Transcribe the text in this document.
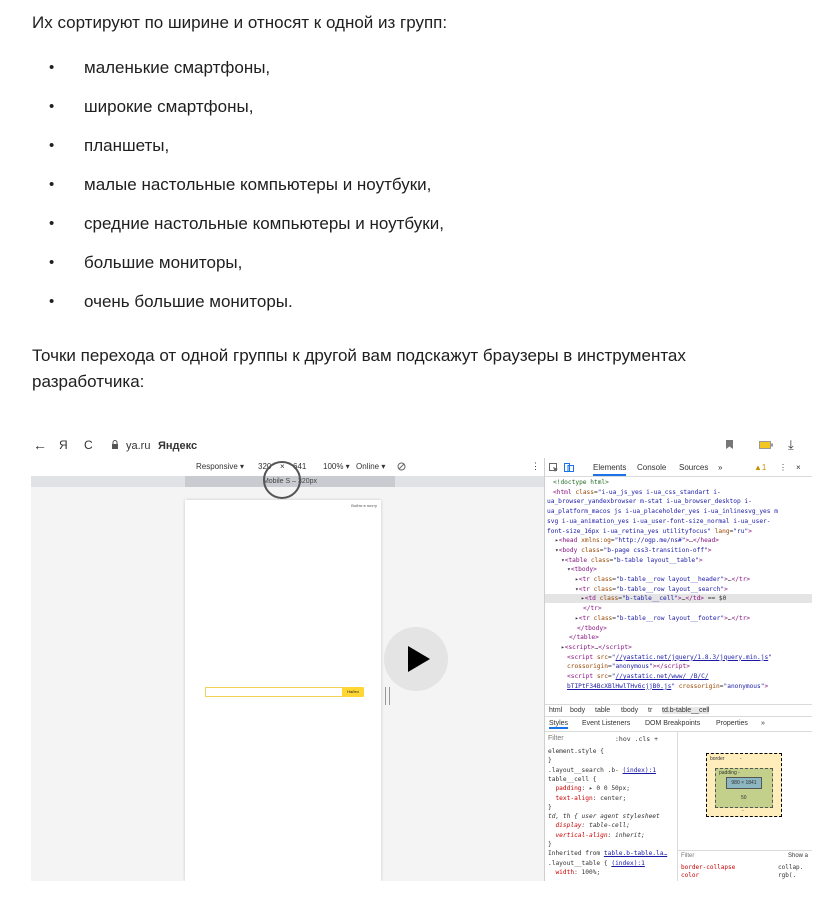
Их сортируют по ширине и относят к одной из групп:

• маленькие смартфоны,
• широкие смартфоны,
• планшеты,
• малые настольные компьютеры и ноутбуки,
• средние настольные компьютеры и ноутбуки,
• большие мониторы,
• очень большие мониторы.

Точки перехода от одной группы к другой вам подскажут браузеры в инструментах разработчика:

← Я C	ya.ru Яндекс	⤓
Responsive ▾ 320 × 641 100% ▾ Online ▾	⋮
Mobile S – 320px
Войти в почту
Найти
Elements Console Sources »	▲1 ⋮ ×
<!doctype html>
<html class="i-ua_js_yes i-ua_css_standart i-
ua_browser_yandexbrowser m-stat i-ua_browser_desktop i-
ua_platform_macos js i-ua_placeholder_yes i-ua_inlinesvg_yes m
svg i-ua_animation_yes i-ua_user-font-size_normal i-ua_user-
font-size_16px i-ua_retina_yes utilityfocus" lang="ru">
▸<head xmlns:og="http://ogp.me/ns#">…</head>
▾<body class="b-page css3-transition-off">
▾<table class="b-table layout__table">
▾<tbody>
▸<tr class="b-table__row layout__header">…</tr>
▾<tr class="b-table__row layout__search">
▸<td class="b-table__cell">…</td> == $0
</tr>
▸<tr class="b-table__row layout__footer">…</tr>
</tbody>
</table>
▸<script>…</script>
<script src="//yastatic.net/jquery/1.8.3/jquery.min.js"
crossorigin="anonymous"></script>
<script src="//yastatic.net/www/_/B/C/
bTIPtF34BcXBlHwlTHv6cjjB0.js" crossorigin="anonymous">
html body table tbody tr td.b-table__cell
Styles Event Listeners DOM Breakpoints Properties »
Filter	:hov .cls +
element.style {
}
.layout__search .b- (index):1
table__cell {
padding: ▸ 0 0 50px;
text-align: center;
}
td, th { user agent stylesheet
display: table-cell;
vertical-align: inherit;
}
Inherited from table.b-table.la…
.layout__table { (index):1
width: 100%;
border	-
padding -
980 × 1841
50
-
Filter	Show a
border-collapse	collap.
color	rgb(.
